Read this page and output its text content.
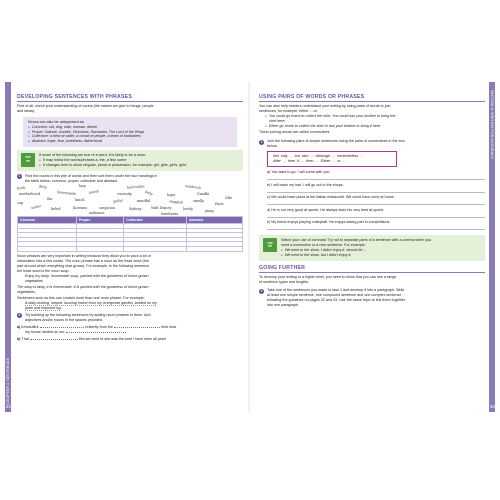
CHAPTER 1: SENTENCES
32
DEVELOPING SENTENCES WITH PHRASES

First of all, check your understanding of nouns (the names we give to things, people
and ideas).

Nouns can also be categorised as:
● Common: cat, dog, man, woman, dinner
● Proper: Nairobi, Gandhi, Victorians, Ramadan, The Lord of the Rings
● Collective: a herd of cattle, a crowd of people, a team of footballers
● Abstract: hope, fear, loneliness, fatherhood
TOP
TIP
If some of the following are true of a word, it is likely to be a noun:
● It may follow the words/phrases a, the, a few, some
● It changes form to show singular, plural or possession, for example: girl, girls, girl's, girls'
1	Find the nouns in this pile of words and then sort them under the four headings in
the table below: common, proper, collective and abstract.
book	dirty	lazy	believable	sandwich
motherhood	homemade	honey	curiosity	baby	hope	Gandhi
the	Nile
cup
lunch
Paris
under	belief	Koreans	suspicion	Sydney	Walt Disney	lovely	jump
guilty	mindful	sluggish	smelly
audience	loneliness
Common	Proper	Collective	Abstract

Noun phrases are very important in writing because they allow you to pack a lot of
information into a few words. The noun phrase has a noun as the head word (the
part around which everything else grows). For example, in the following sentence
the head word is the noun soup:

Enjoy my tasty, homemade soup, packed with the goodness of home-grown
vegetables.

The soup is tasty, it is homemade; it is packed with the goodness of home-grown
vegetables.

Sentences such as this can contain more than one noun phrase. For example:

A tasty-looking, striped, buzzing insect from my overgrown garden, landed on my
plate and exposed lsp.

2	Try building up the following sentences by adding noun phrases to them. Add
adjectives and/or nouns in the spaces provided.
a) A beautiful,	butterfly from the	field near
my house landed on our
b) That	film we went to see was the best I have seen all year!
SECTION A: WRITING FOR ACCURACY
33
USING PAIRS OF WORDS OR PHRASES

You can also help readers understand your writing by using pairs of words to join
sentences, for example, either ... or:

● You could go home to collect the shirt. You could ask your brother to bring the
shirt here.
● Either go home to collect the shirt or ask your brother to bring it here.

These joining words are called connectives.

1	Join the following pairs of simple sentences using the pairs of connectives in the box
below.
Not only ... but also ... Although ... nevertheless ...
After ... then If ... then ... Either ... or ...
a) You want to go. I will come with you.
b) I will wash my hair. I will go out to the shops.
c) We could have pizza at the Italian restaurant. We could have curry at home.
d) He is not very good at sports. He always does his very best at sports.
e) My friend enjoys playing volleyball. He enjoys taking part in competitions.
TOP
TIP
Watch your use of commas! Try not to separate parts of a sentence with a comma when you
need a connective or a new sentence. For example:
● We went to the show, I didn't enjoy it. should be ...
● We went to the show, but I didn't enjoy it.
GOING FURTHER

To develop your writing to a higher level, you need to show that you can use a range
of sentence types and lengths.

2	Take one of the sentences you made in task 1 and develop it into a paragraph. Write
at least one simple sentence, one compound sentence and one complex sentence
following the guidance on pages 32 and 33. Use the same topic to link them together
into one paragraph.
